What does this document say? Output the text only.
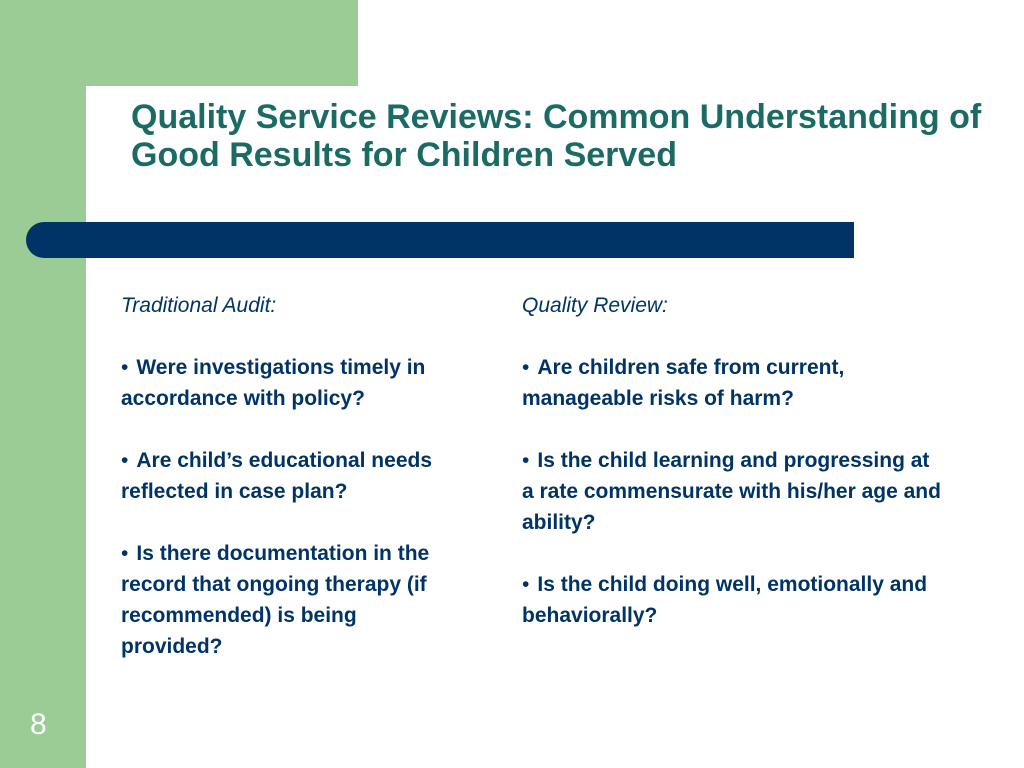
Quality Service Reviews: Common Understanding of Good Results for Children Served

Traditional Audit:

• Were investigations timely in accordance with policy?

• Are child’s educational needs reflected in case plan?

• Is there documentation in the record that ongoing therapy (if recommended) is being provided?

Quality Review:

• Are children safe from current, manageable risks of harm?

• Is the child learning and progressing at a rate commensurate with his/her age and ability?

• Is the child doing well, emotionally and behaviorally?

8
